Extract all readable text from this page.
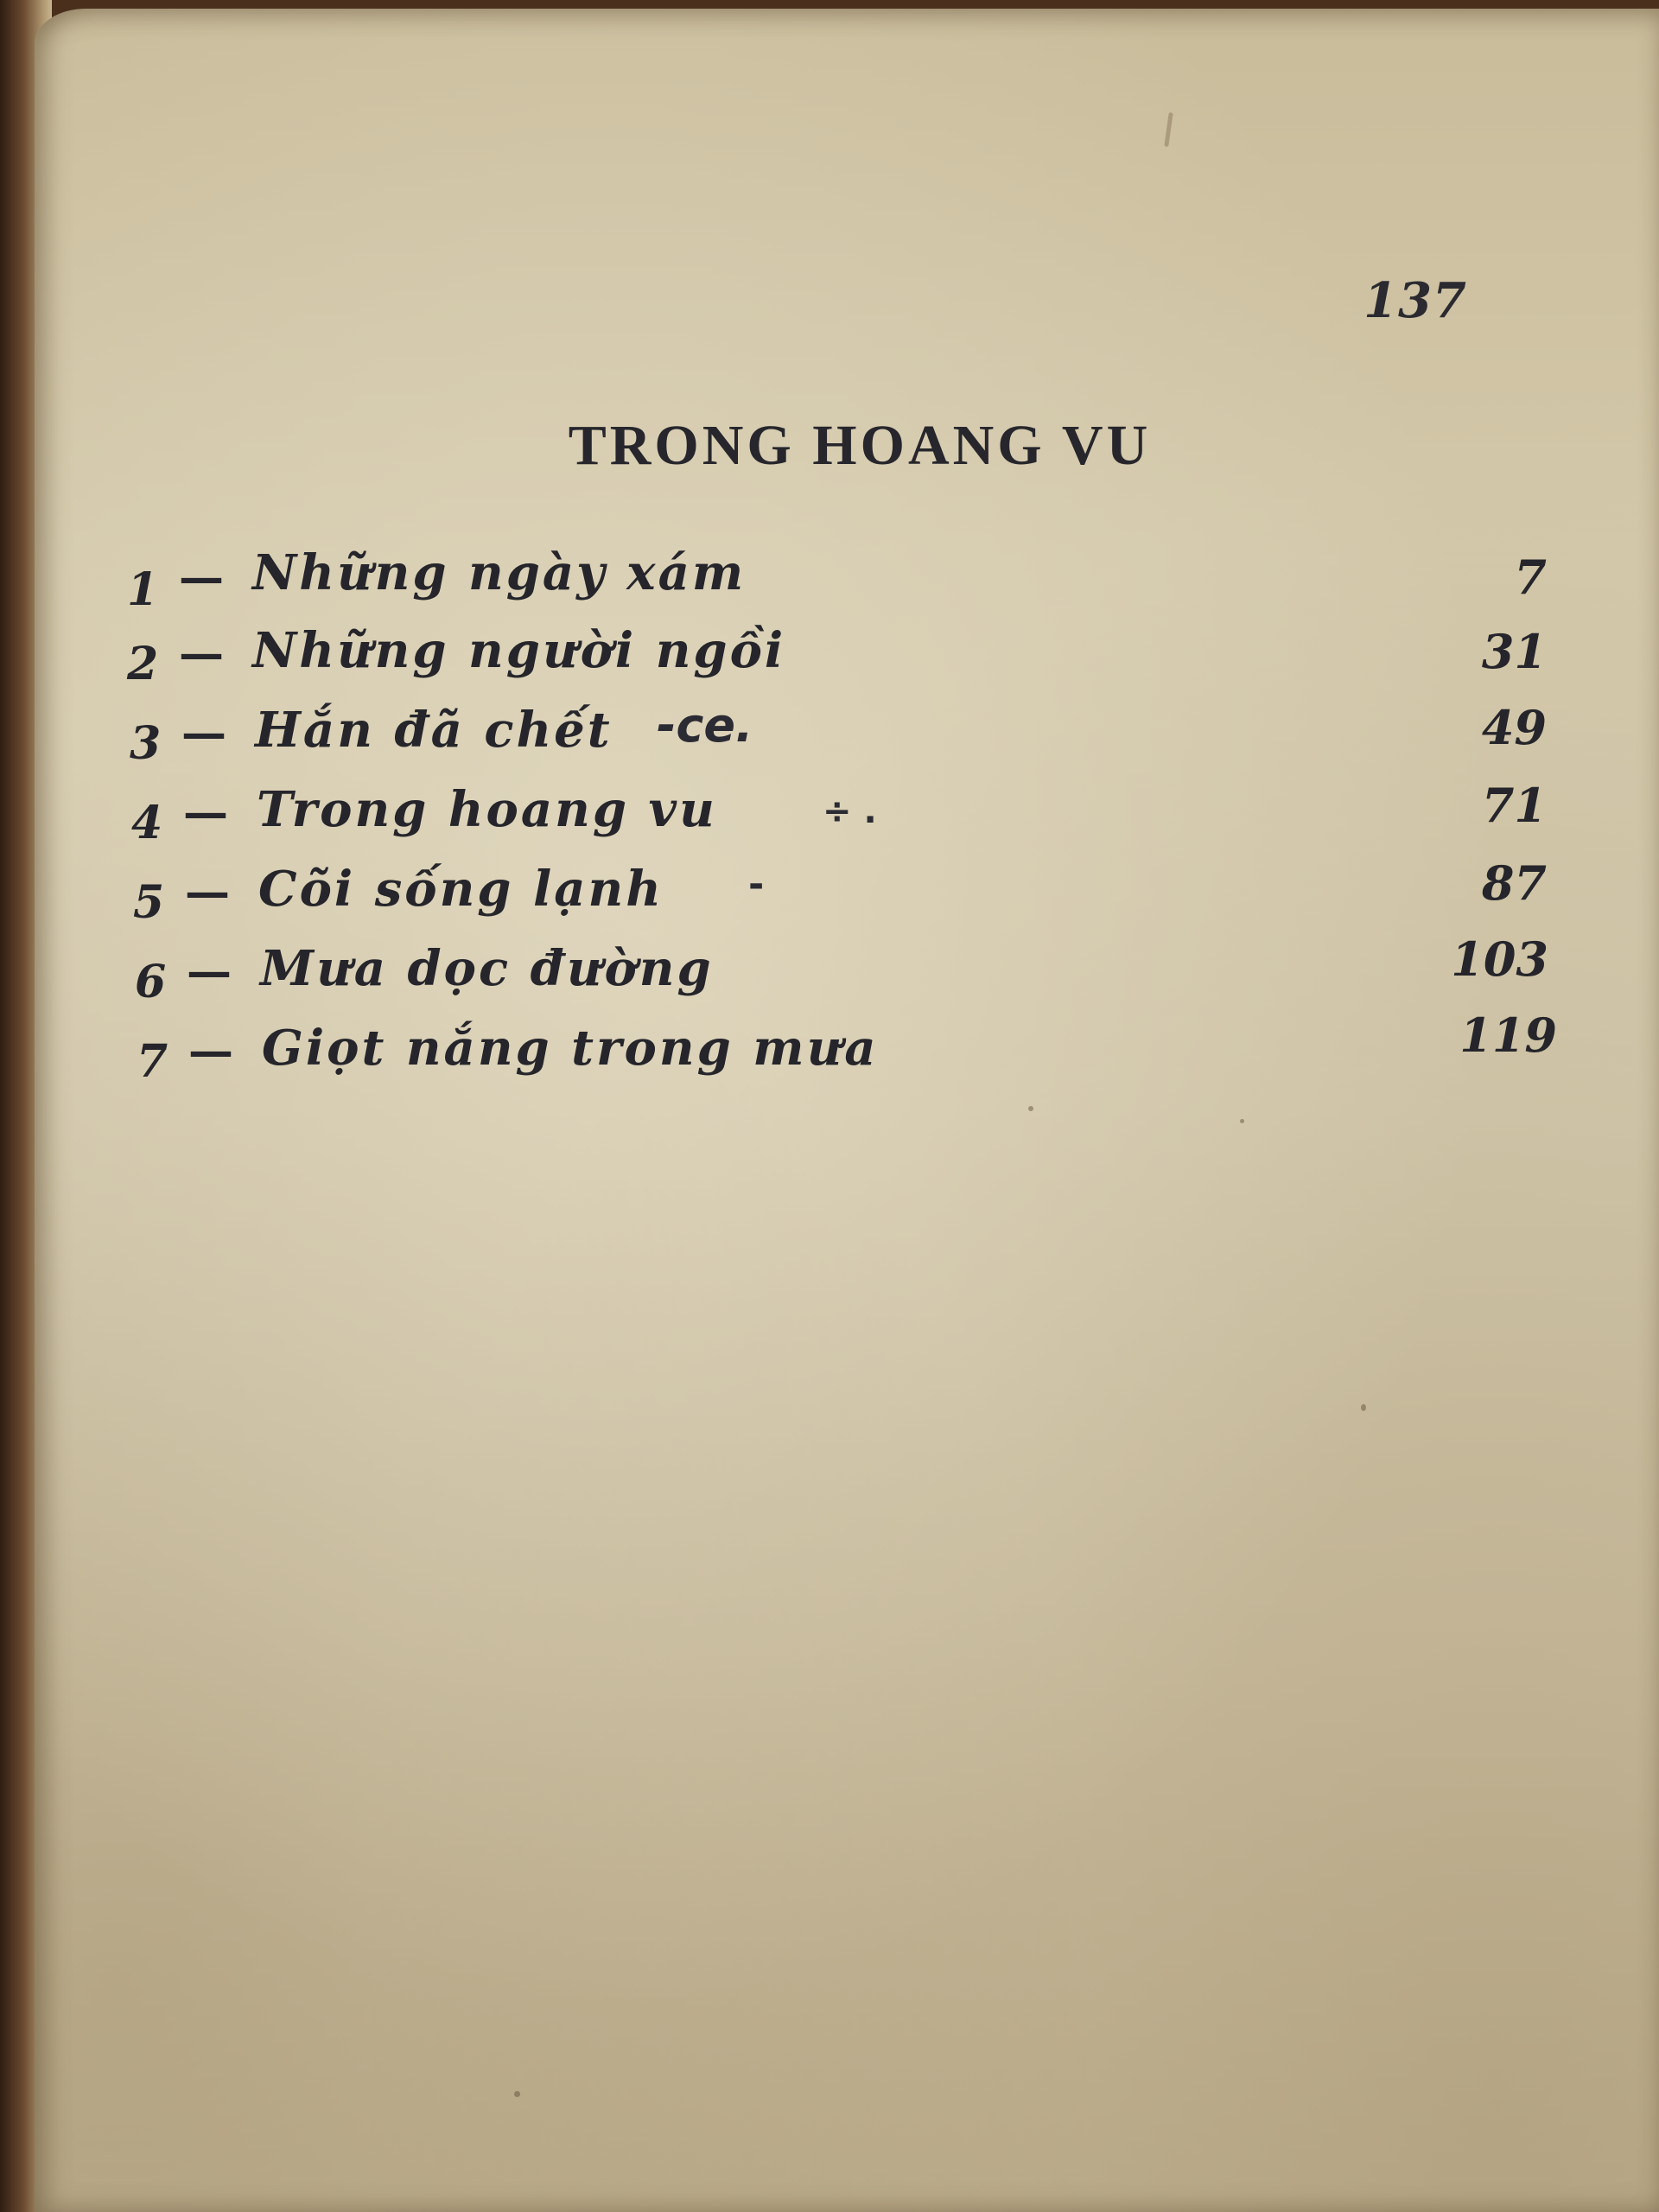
137
TRONG HOANG VU
1 — Những ngày xám	7
2 — Những người ngồi	31
3 — Hắn đã chết -ce.	49
4 — Trong hoang vu	÷ .	71
5 — Cõi sống lạnh -	87
6 — Mưa dọc đường	103
7 — Giọt nắng trong mưa	119
